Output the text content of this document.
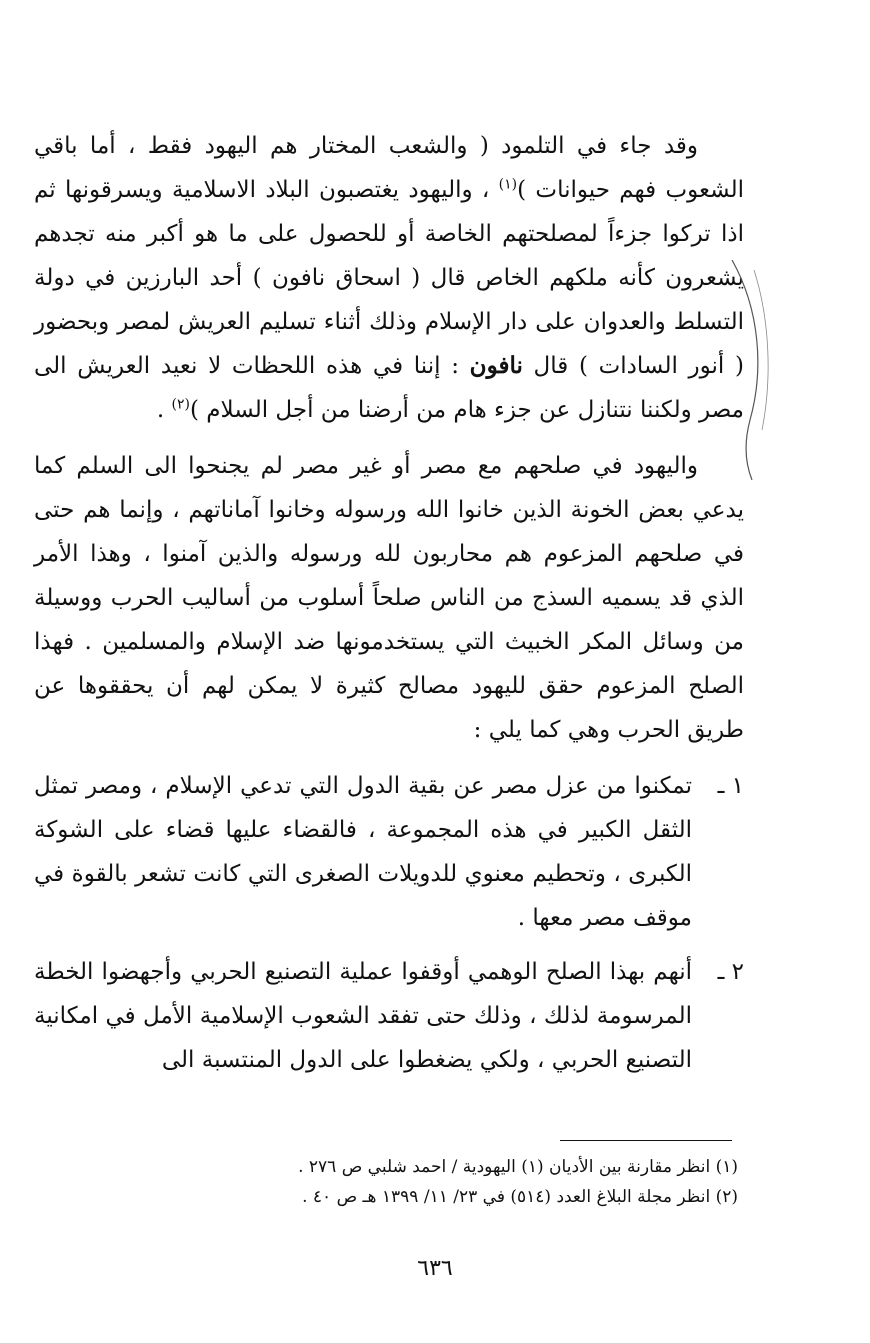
وقد جاء في التلمود ( والشعب المختار هم اليهود فقط ، أما باقي الشعوب فهم حيوانات )$^{(١)}$ ، واليهود يغتصبون البلاد الاسلامية ويسرقونها ثم اذا تركوا جزءاً لمصلحتهم الخاصة أو للحصول على ما هو أكبر منه تجدهم يشعرون كأنه ملكهم الخاص قال ( اسحاق نافون ) أحد البارزين في دولة التسلط والعدوان على دار الإسلام وذلك أثناء تسليم العريش لمصر وبحضور ( أنور السادات ) قال نافون : إننا في هذه اللحظات لا نعيد العريش الى مصر ولكننا نتنازل عن جزء هام من أرضنا من أجل السلام )$^{(٢)}$ .

واليهود في صلحهم مع مصر أو غير مصر لم يجنحوا الى السلم كما يدعي بعض الخونة الذين خانوا الله ورسوله وخانوا آماناتهم ، وإنما هم حتى في صلحهم المزعوم هم محاربون لله ورسوله والذين آمنوا ، وهذا الأمر الذي قد يسميه السذج من الناس صلحاً أسلوب من أساليب الحرب ووسيلة من وسائل المكر الخبيث التي يستخدمونها ضد الإسلام والمسلمين . فهذا الصلح المزعوم حقق لليهود مصالح كثيرة لا يمكن لهم أن يحققوها عن طريق الحرب وهي كما يلي :

١ ـ
تمكنوا من عزل مصر عن بقية الدول التي تدعي الإسلام ، ومصر تمثل الثقل الكبير في هذه المجموعة ، فالقضاء عليها قضاء على الشوكة الكبرى ، وتحطيم معنوي للدويلات الصغرى التي كانت تشعر بالقوة في موقف مصر معها .
٢ ـ
أنهم بهذا الصلح الوهمي أوقفوا عملية التصنيع الحربي وأجهضوا الخطة المرسومة لذلك ، وذلك حتى تفقد الشعوب الإسلامية الأمل في امكانية التصنيع الحربي ، ولكي يضغطوا على الدول المنتسبة الى

(١) انظر مقارنة بين الأديان (١) اليهودية / احمد شلبي ص ٢٧٦ .

(٢) انظر مجلة البلاغ العدد (٥١٤) في ٢٣/ ١١/ ١٣٩٩ هـ ص ٤٠ .

٦٣٦
